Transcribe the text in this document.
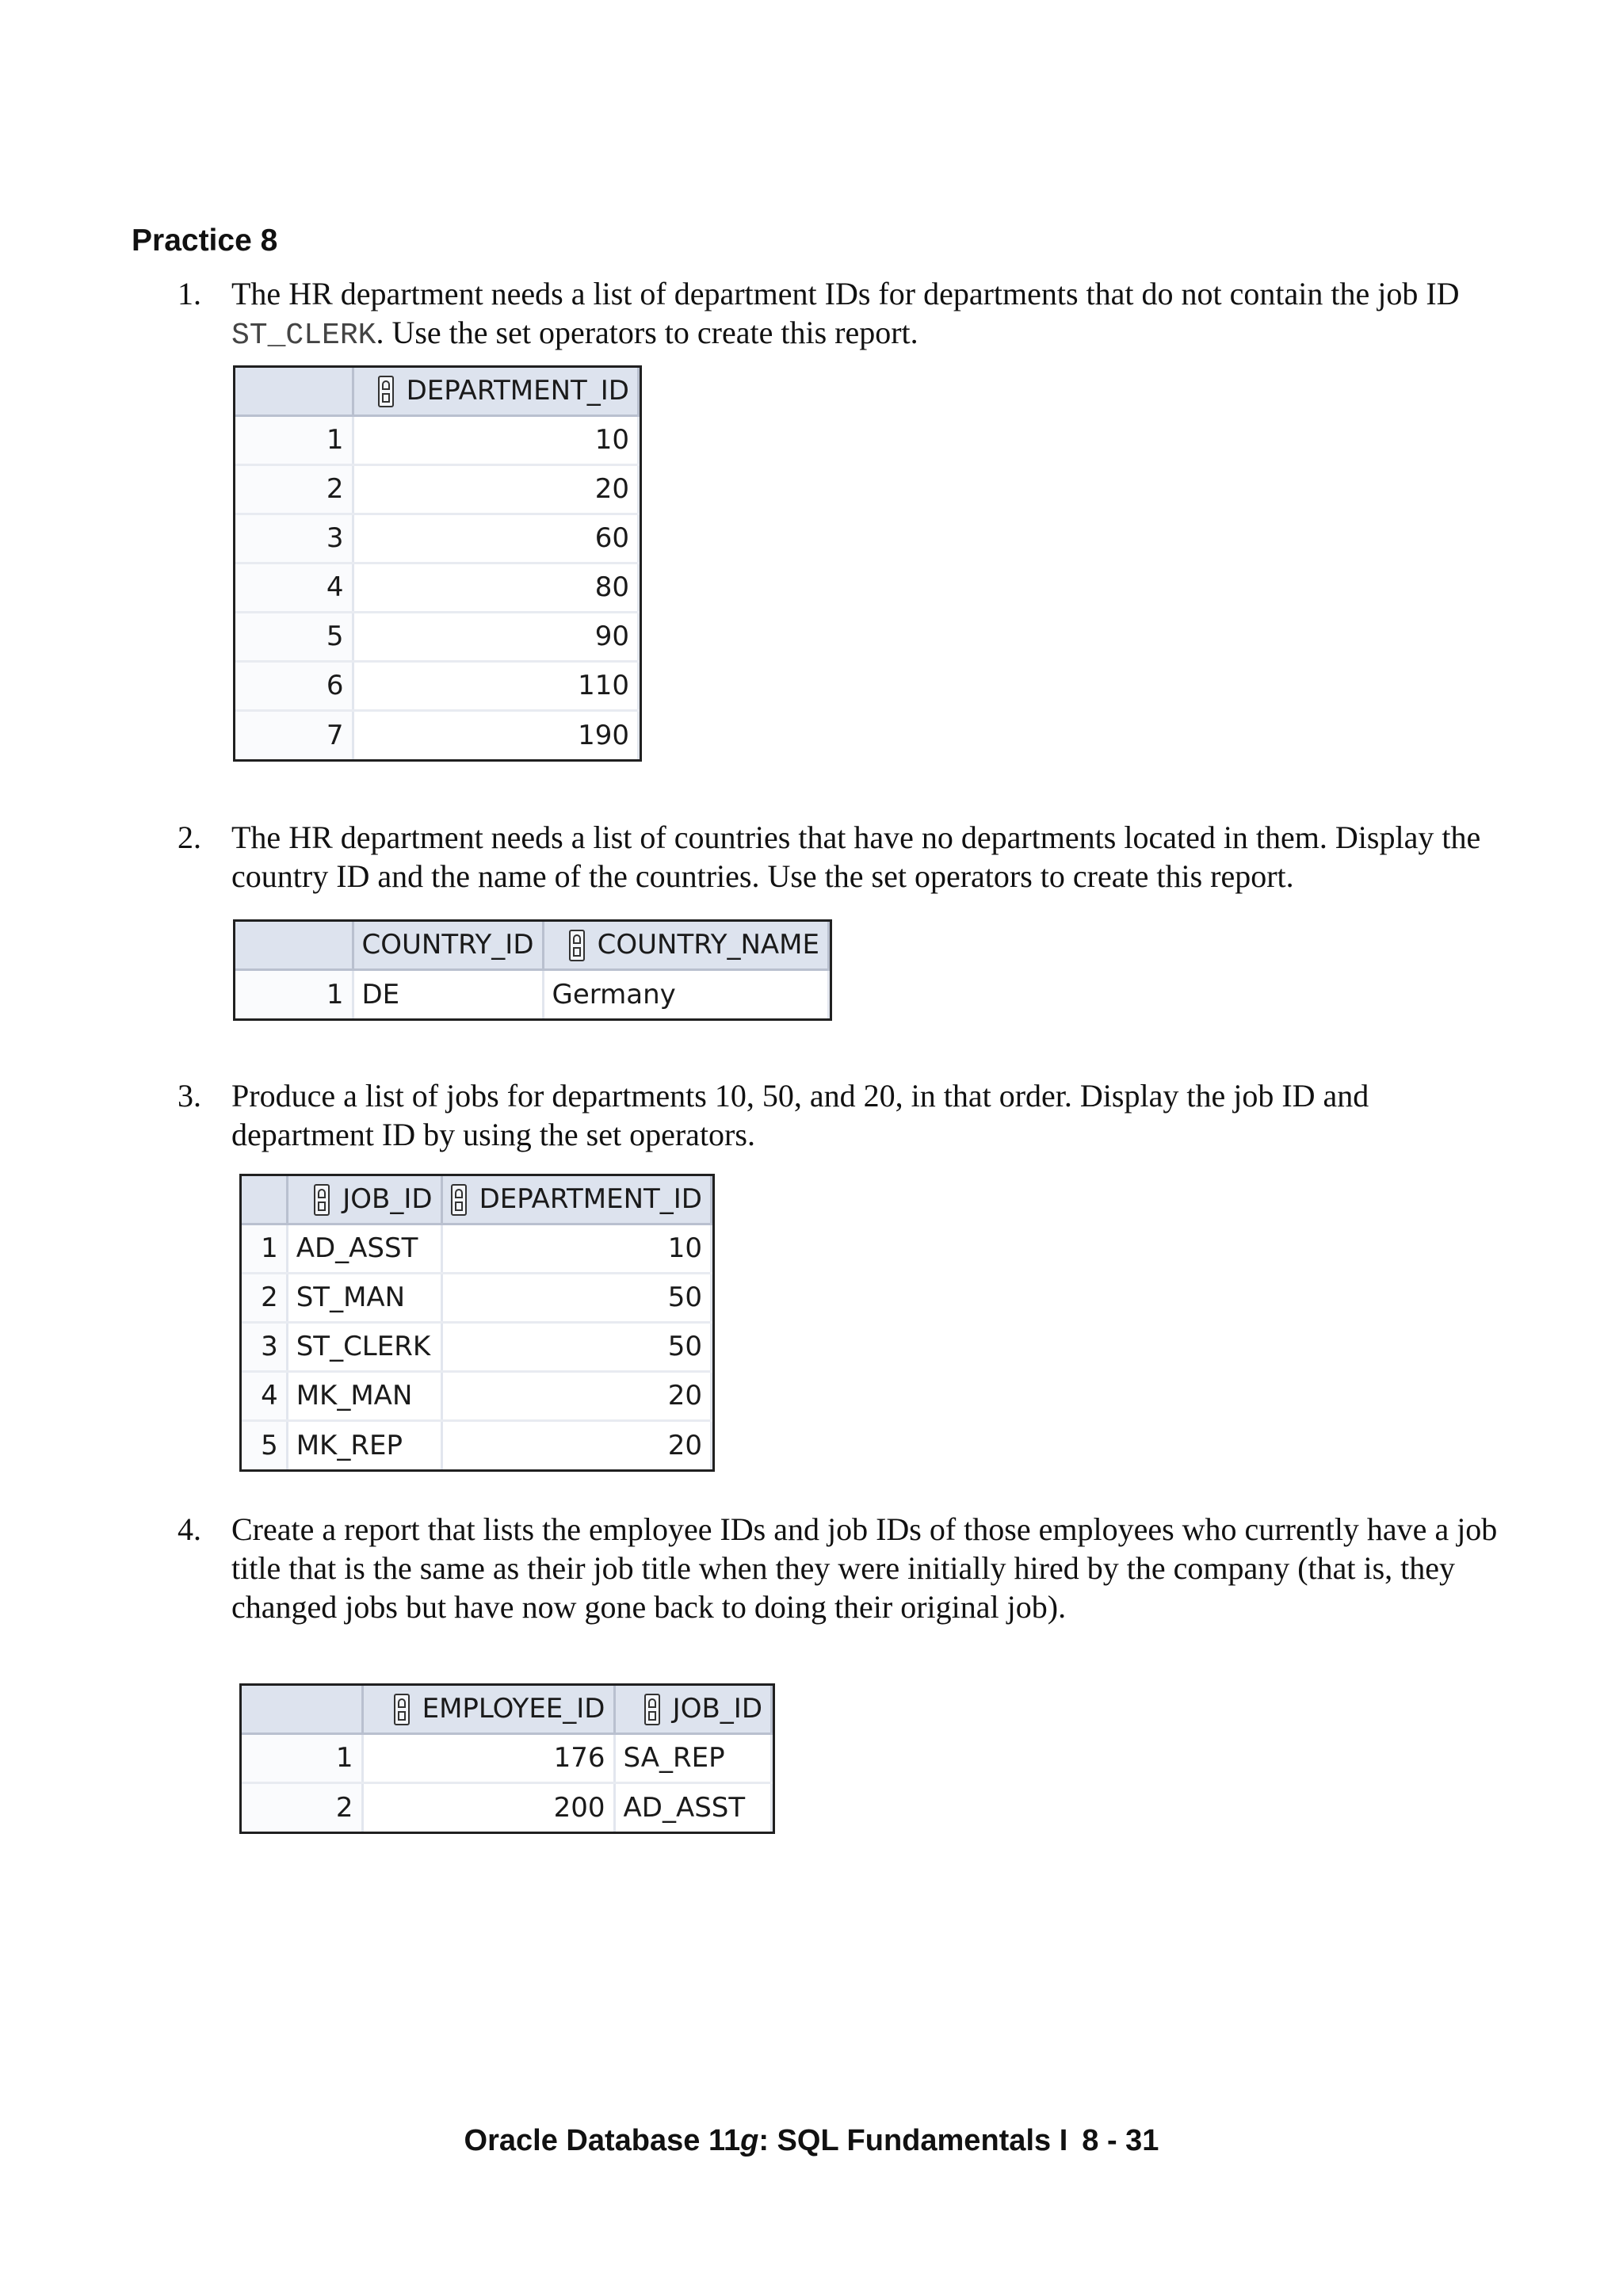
Practice 8
1. The HR department needs a list of department IDs for departments that do not contain the job ID ST_CLERK. Use the set operators to create this report.
	DEPARTMENT_ID
1	10
2	20
3	60
4	80
5	90
6	110
7	190
2. The HR department needs a list of countries that have no departments located in them. Display the country ID and the name of the countries. Use the set operators to create this report.
	COUNTRY_ID	COUNTRY_NAME
1	DE	Germany
3. Produce a list of jobs for departments 10, 50, and 20, in that order. Display the job ID and department ID by using the set operators.
	JOB_ID	DEPARTMENT_ID
1	AD_ASST	10
2	ST_MAN	50
3	ST_CLERK	50
4	MK_MAN	20
5	MK_REP	20
4. Create a report that lists the employee IDs and job IDs of those employees who currently have a job title that is the same as their job title when they were initially hired by the company (that is, they changed jobs but have now gone back to doing their original job).
	EMPLOYEE_ID	JOB_ID
1	176	SA_REP
2	200	AD_ASST
Oracle Database 11g: SQL Fundamentals I 8 - 31
